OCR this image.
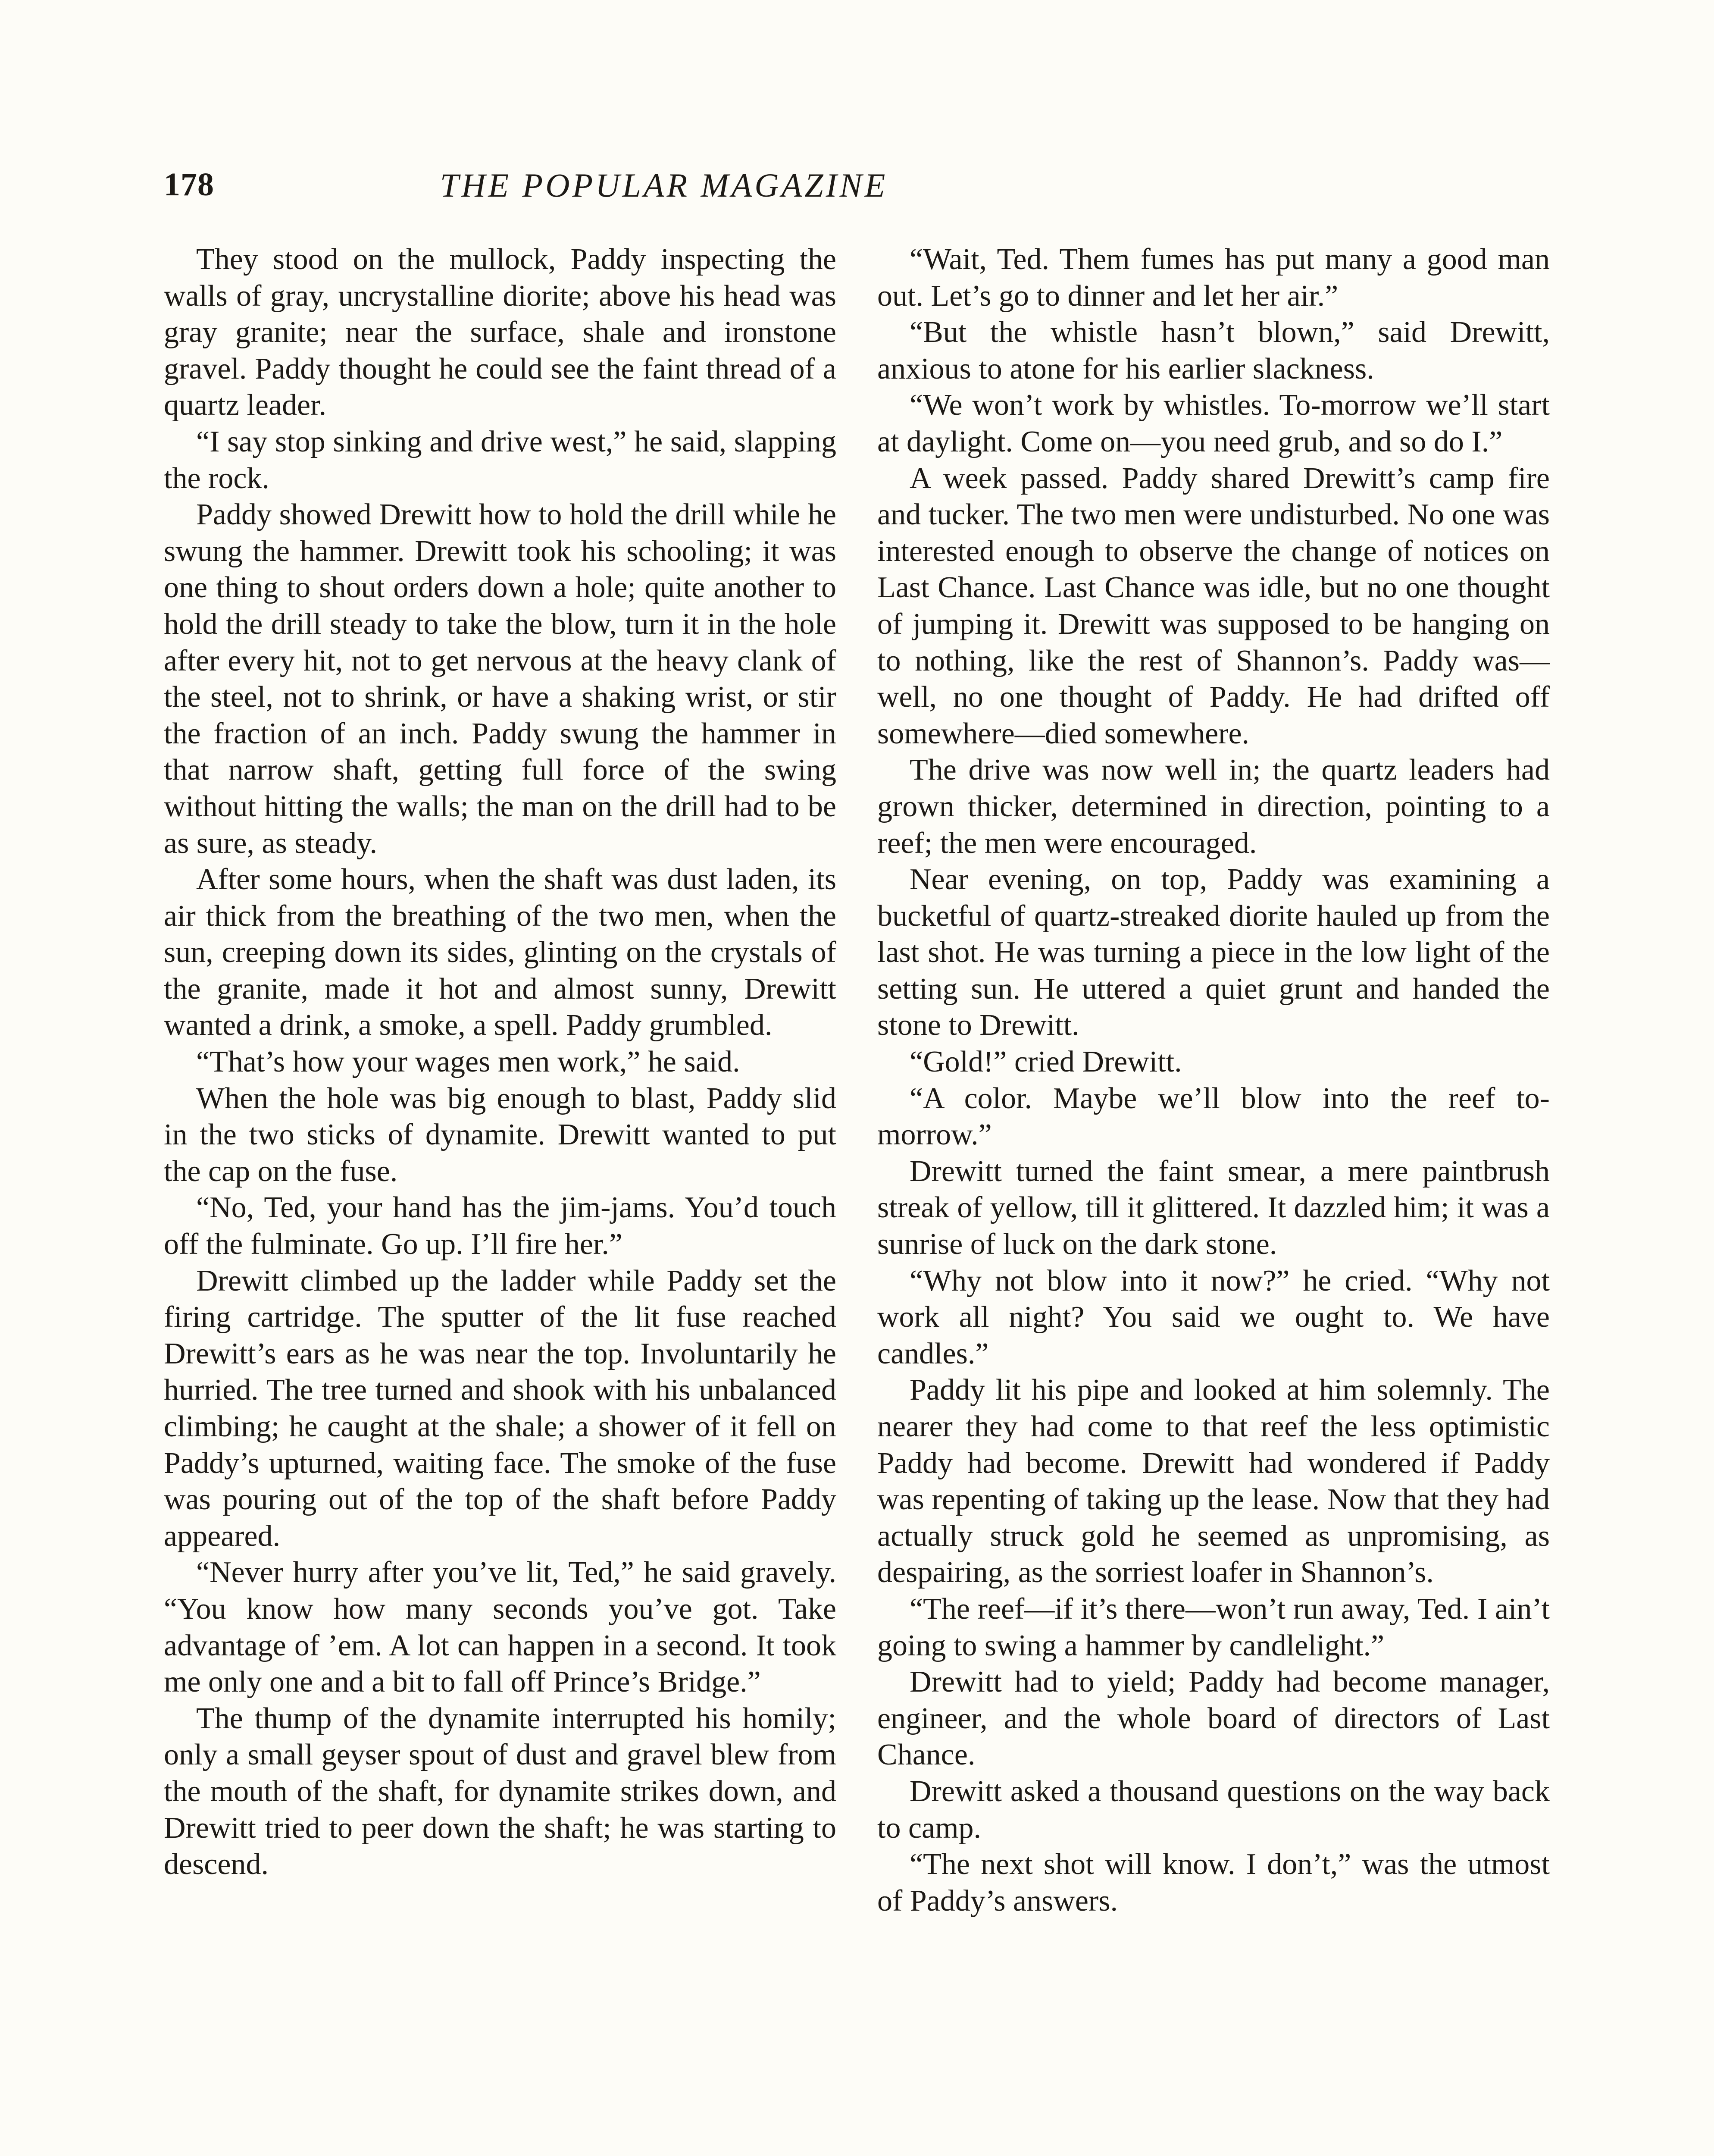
178	THE POPULAR MAGAZINE

They stood on the mullock, Paddy inspecting the walls of gray, uncrystalline diorite; above his head was gray granite; near the surface, shale and ironstone gravel. Paddy thought he could see the faint thread of a quartz leader.

“I say stop sinking and drive west,” he said, slapping the rock.

Paddy showed Drewitt how to hold the drill while he swung the hammer. Drewitt took his schooling; it was one thing to shout orders down a hole; quite another to hold the drill steady to take the blow, turn it in the hole after every hit, not to get nervous at the heavy clank of the steel, not to shrink, or have a shaking wrist, or stir the fraction of an inch. Paddy swung the hammer in that narrow shaft, getting full force of the swing without hitting the walls; the man on the drill had to be as sure, as steady.

After some hours, when the shaft was dust laden, its air thick from the breathing of the two men, when the sun, creeping down its sides, glinting on the crystals of the granite, made it hot and almost sunny, Drewitt wanted a drink, a smoke, a spell. Paddy grumbled.

“That’s how your wages men work,” he said.

When the hole was big enough to blast, Paddy slid in the two sticks of dynamite. Drewitt wanted to put the cap on the fuse.

“No, Ted, your hand has the jim-jams. You’d touch off the fulminate. Go up. I’ll fire her.”

Drewitt climbed up the ladder while Paddy set the firing cartridge. The sputter of the lit fuse reached Drewitt’s ears as he was near the top. Involuntarily he hurried. The tree turned and shook with his unbalanced climbing; he caught at the shale; a shower of it fell on Paddy’s upturned, waiting face. The smoke of the fuse was pouring out of the top of the shaft before Paddy appeared.

“Never hurry after you’ve lit, Ted,” he said gravely. “You know how many seconds you’ve got. Take advantage of ’em. A lot can happen in a second. It took me only one and a bit to fall off Prince’s Bridge.”

The thump of the dynamite interrupted his homily; only a small geyser spout of dust and gravel blew from the mouth of the shaft, for dynamite strikes down, and Drewitt tried to peer down the shaft; he was starting to descend.

“Wait, Ted. Them fumes has put many a good man out. Let’s go to dinner and let her air.”

“But the whistle hasn’t blown,” said Drewitt, anxious to atone for his earlier slackness.

“We won’t work by whistles. To-morrow we’ll start at daylight. Come on—you need grub, and so do I.”

A week passed. Paddy shared Drewitt’s camp fire and tucker. The two men were undisturbed. No one was interested enough to observe the change of notices on Last Chance. Last Chance was idle, but no one thought of jumping it. Drewitt was supposed to be hanging on to nothing, like the rest of Shannon’s. Paddy was—well, no one thought of Paddy. He had drifted off somewhere—died somewhere.

The drive was now well in; the quartz leaders had grown thicker, determined in direction, pointing to a reef; the men were encouraged.

Near evening, on top, Paddy was examining a bucketful of quartz-streaked diorite hauled up from the last shot. He was turning a piece in the low light of the setting sun. He uttered a quiet grunt and handed the stone to Drewitt.

“Gold!” cried Drewitt.

“A color. Maybe we’ll blow into the reef to-morrow.”

Drewitt turned the faint smear, a mere paintbrush streak of yellow, till it glittered. It dazzled him; it was a sunrise of luck on the dark stone.

“Why not blow into it now?” he cried. “Why not work all night? You said we ought to. We have candles.”

Paddy lit his pipe and looked at him solemnly. The nearer they had come to that reef the less optimistic Paddy had become. Drewitt had wondered if Paddy was repenting of taking up the lease. Now that they had actually struck gold he seemed as unpromising, as despairing, as the sorriest loafer in Shannon’s.

“The reef—if it’s there—won’t run away, Ted. I ain’t going to swing a hammer by candlelight.”

Drewitt had to yield; Paddy had become manager, engineer, and the whole board of directors of Last Chance.

Drewitt asked a thousand questions on the way back to camp.

“The next shot will know. I don’t,” was the utmost of Paddy’s answers.
